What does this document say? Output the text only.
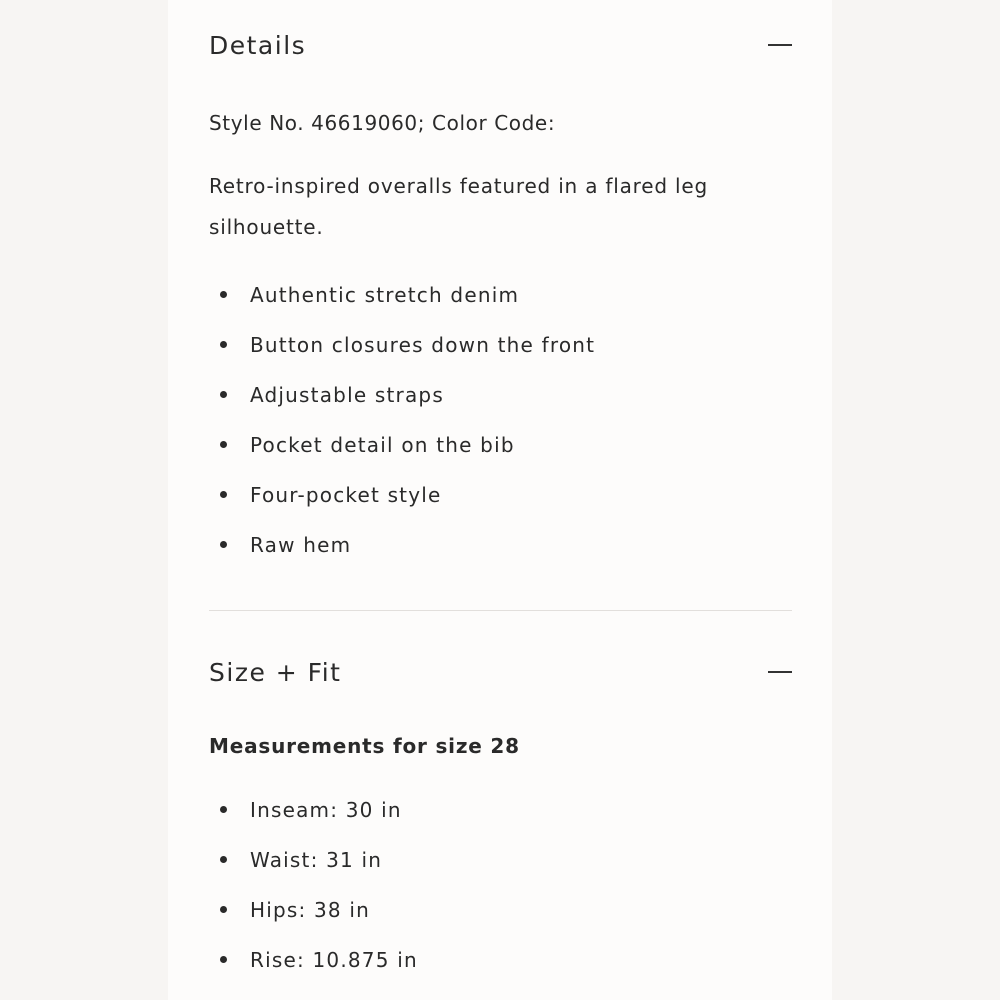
Details

Style No. 46619060; Color Code:

Retro-inspired overalls featured in a flared leg silhouette.

Authentic stretch denim
Button closures down the front
Adjustable straps
Pocket detail on the bib
Four-pocket style
Raw hem
Size + Fit

Measurements for size 28

Inseam: 30 in
Waist: 31 in
Hips: 38 in
Rise: 10.875 in
